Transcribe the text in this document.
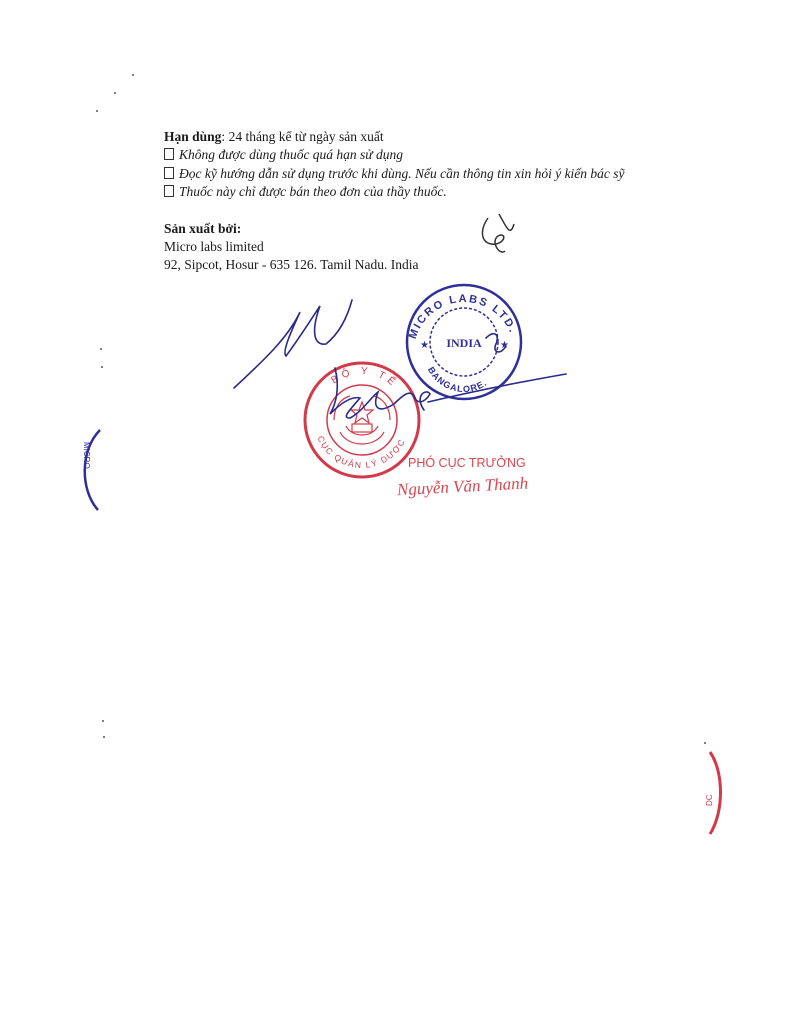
Hạn dùng: 24 tháng kể từ ngày sản xuất
Không được dùng thuốc quá hạn sử dụng
Đọc kỹ hướng dẫn sử dụng trước khi dùng. Nếu cần thông tin xin hỏi ý kiến bác sỹ
Thuốc này chỉ được bán theo đơn của thầy thuốc.
Sản xuất bởi:
Micro labs limited
92, Sipcot, Hosur - 635 126. Tamil Nadu. India
MICRO LABS LTD.
BANGALORE.
INDIA
★	★
BỘ Y TẾ
CỤC QUẢN LÝ DƯỢC
PHÓ CỤC TRƯỞNG
Nguyễn Văn Thanh
MICRO
DC
